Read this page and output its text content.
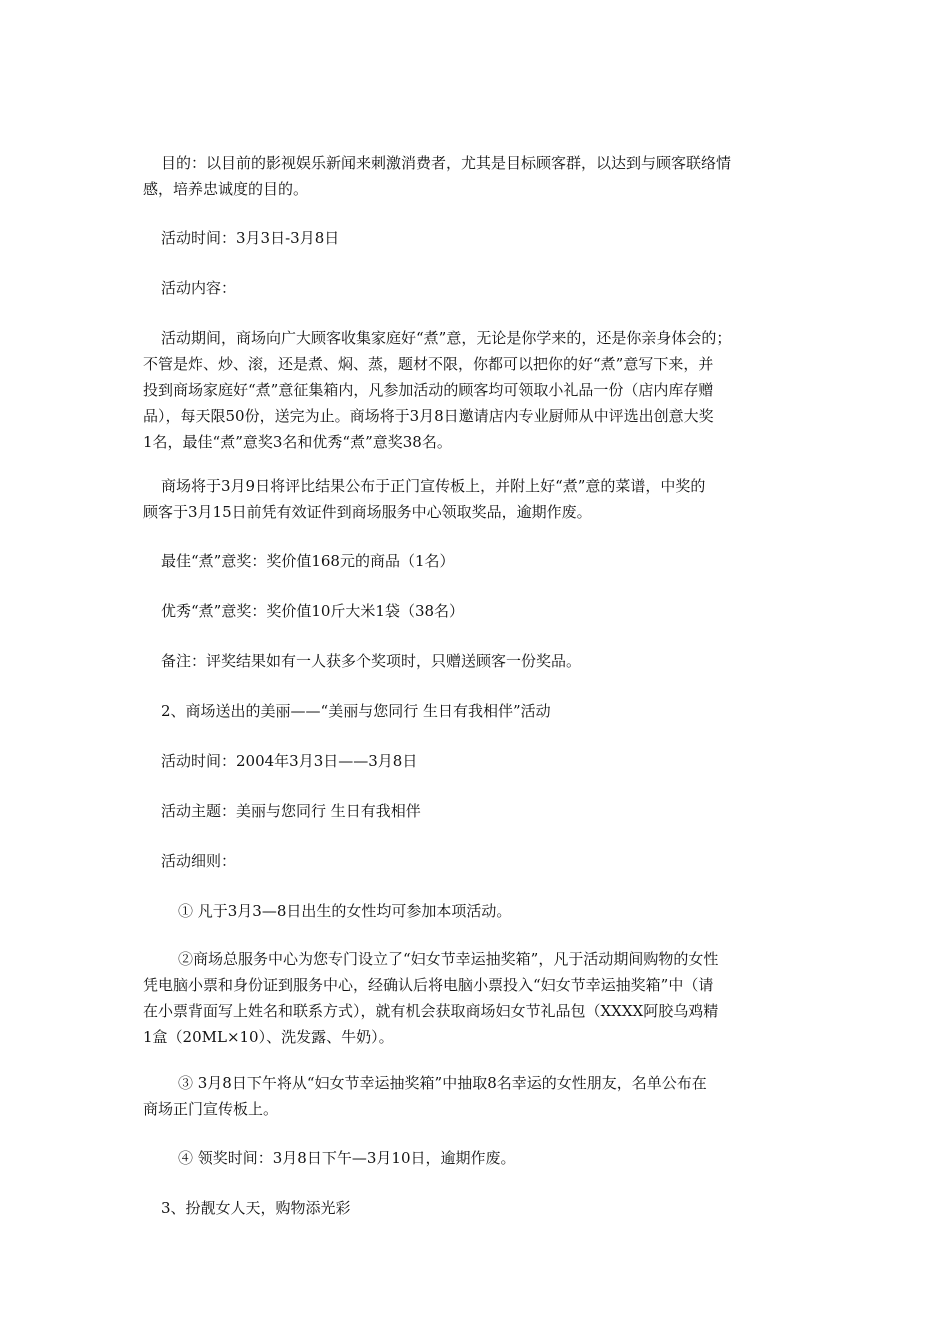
目的：以目前的影视娱乐新闻来刺激消费者，尤其是目标顾客群，以达到与顾客联络情
感，培养忠诚度的目的。

活动时间：3月3日-3月8日

活动内容：

活动期间，商场向广大顾客收集家庭好“煮”意，无论是你学来的，还是你亲身体会的；
不管是炸、炒、滚，还是煮、焖、蒸，题材不限，你都可以把你的好“煮”意写下来，并
投到商场家庭好“煮”意征集箱内，凡参加活动的顾客均可领取小礼品一份（店内库存赠
品），每天限50份，送完为止。商场将于3月8日邀请店内专业厨师从中评选出创意大奖
1名，最佳“煮”意奖3名和优秀“煮”意奖38名。

商场将于3月9日将评比结果公布于正门宣传板上，并附上好“煮”意的菜谱，中奖的
顾客于3月15日前凭有效证件到商场服务中心领取奖品，逾期作废。

最佳“煮”意奖：奖价值168元的商品（1名）

优秀“煮”意奖：奖价值10斤大米1袋（38名）

备注：评奖结果如有一人获多个奖项时，只赠送顾客一份奖品。

2、商场送出的美丽——“美丽与您同行 生日有我相伴”活动

活动时间：2004年3月3日——3月8日

活动主题：美丽与您同行 生日有我相伴

活动细则：

① 凡于3月3—8日出生的女性均可参加本项活动。

②商场总服务中心为您专门设立了“妇女节幸运抽奖箱”，凡于活动期间购物的女性
凭电脑小票和身份证到服务中心，经确认后将电脑小票投入“妇女节幸运抽奖箱”中（请
在小票背面写上姓名和联系方式），就有机会获取商场妇女节礼品包（XXXX阿胶乌鸡精
1盒（20ML×10）、洗发露、牛奶）。

③ 3月8日下午将从“妇女节幸运抽奖箱”中抽取8名幸运的女性朋友，名单公布在
商场正门宣传板上。

④ 领奖时间：3月8日下午—3月10日，逾期作废。

3、扮靓女人天，购物添光彩
